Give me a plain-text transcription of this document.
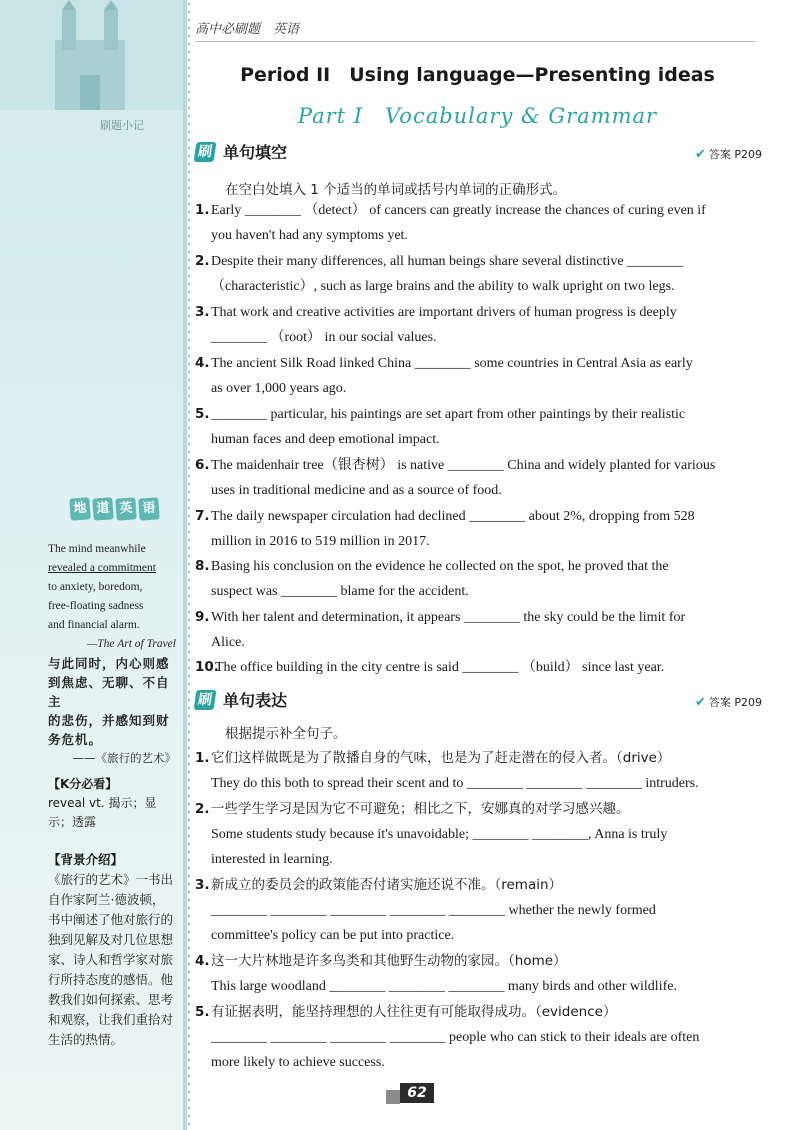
刷题小记
地 道 英 语
The mind meanwhile
revealed a commitment
to anxiety, boredom,
free-floating sadness
and financial alarm.
—The Art of Travel
与此同时，内心则感
到焦虑、无聊、不自主
的悲伤，并感知到财
务危机。
——《旅行的艺术》
【K分必看】
reveal vt. 揭示；显示；透露
【背景介绍】
《旅行的艺术》一书出自作家阿兰·德波顿，书中阐述了他对旅行的独到见解及对几位思想家、诗人和哲学家对旅行所持态度的感悟。他教我们如何探索、思考和观察，让我们重拾对生活的热情。
高中必刷题　英语
Period II　Using language—Presenting ideas
Part I　Vocabulary & Grammar
刷 单句填空	✔ 答案 P209
在空白处填入 1 个适当的单词或括号内单词的正确形式。
1.Early ________ （detect） of cancers can greatly increase the chances of curing even if
you haven't had any symptoms yet.
2.Despite their many differences, all human beings share several distinctive ________
（characteristic）, such as large brains and the ability to walk upright on two legs.
3.That work and creative activities are important drivers of human progress is deeply
________ （root） in our social values.
4.The ancient Silk Road linked China ________ some countries in Central Asia as early
as over 1,000 years ago.
5.________ particular, his paintings are set apart from other paintings by their realistic
human faces and deep emotional impact.
6.The maidenhair tree（银杏树） is native ________ China and widely planted for various
uses in traditional medicine and as a source of food.
7.The daily newspaper circulation had declined ________ about 2%, dropping from 528
million in 2016 to 519 million in 2017.
8.Basing his conclusion on the evidence he collected on the spot, he proved that the
suspect was ________ blame for the accident.
9.With her talent and determination, it appears ________ the sky could be the limit for
Alice.
10.The office building in the city centre is said ________ （build） since last year.
刷 单句表达	✔ 答案 P209
根据提示补全句子。
1.它们这样做既是为了散播自身的气味，也是为了赶走潜在的侵入者。（drive）
They do this both to spread their scent and to ________ ________ ________ intruders.
2.一些学生学习是因为它不可避免；相比之下，安娜真的对学习感兴趣。
Some students study because it's unavoidable; ________ ________, Anna is truly
interested in learning.
3.新成立的委员会的政策能否付诸实施还说不准。（remain）
________ ________ ________ ________ ________ whether the newly formed
committee's policy can be put into practice.
4.这一大片林地是许多鸟类和其他野生动物的家园。（home）
This large woodland ________ ________ ________ many birds and other wildlife.
5.有证据表明，能坚持理想的人往往更有可能取得成功。（evidence）
________ ________ ________ ________ people who can stick to their ideals are often
more likely to achieve success.
62
